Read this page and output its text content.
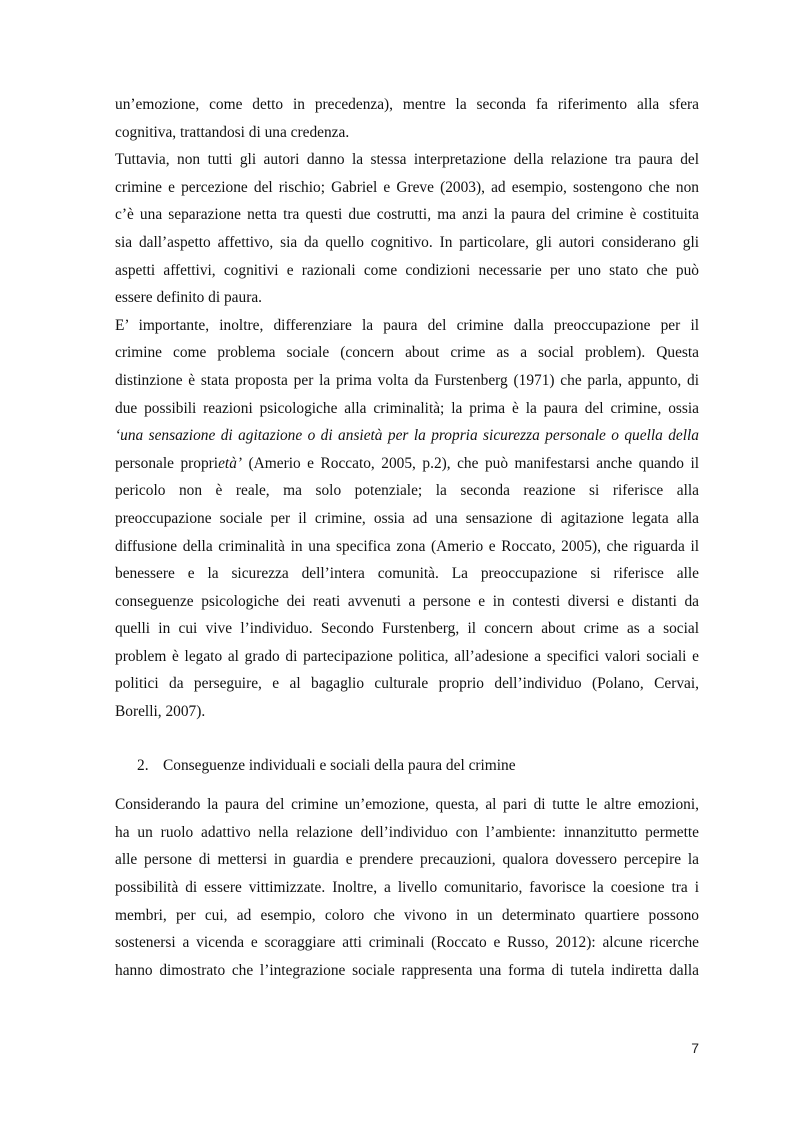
un’emozione, come detto in precedenza), mentre la seconda fa riferimento alla sfera
cognitiva, trattandosi di una credenza.

Tuttavia, non tutti gli autori danno la stessa interpretazione della relazione tra paura del
crimine e percezione del rischio; Gabriel e Greve (2003), ad esempio, sostengono che non
c’è una separazione netta tra questi due costrutti, ma anzi la paura del crimine è costituita
sia dall’aspetto affettivo, sia da quello cognitivo. In particolare, gli autori considerano gli
aspetti affettivi, cognitivi e razionali come condizioni necessarie per uno stato che può
essere definito di paura.

E’ importante, inoltre, differenziare la paura del crimine dalla preoccupazione per il
crimine come problema sociale (concern about crime as a social problem). Questa
distinzione è stata proposta per la prima volta da Furstenberg (1971) che parla, appunto, di
due possibili reazioni psicologiche alla criminalità; la prima è la paura del crimine, ossia
‘una sensazione di agitazione o di ansietà per la propria sicurezza personale o quella della
personale proprietà’ (Amerio e Roccato, 2005, p.2), che può manifestarsi anche quando il
pericolo non è reale, ma solo potenziale; la seconda reazione si riferisce alla
preoccupazione sociale per il crimine, ossia ad una sensazione di agitazione legata alla
diffusione della criminalità in una specifica zona (Amerio e Roccato, 2005), che riguarda il
benessere e la sicurezza dell’intera comunità. La preoccupazione si riferisce alle
conseguenze psicologiche dei reati avvenuti a persone e in contesti diversi e distanti da
quelli in cui vive l’individuo. Secondo Furstenberg, il concern about crime as a social
problem è legato al grado di partecipazione politica, all’adesione a specifici valori sociali e
politici da perseguire, e al bagaglio culturale proprio dell’individuo (Polano, Cervai,
Borelli, 2007).

2. Conseguenze individuali e sociali della paura del crimine

Considerando la paura del crimine un’emozione, questa, al pari di tutte le altre emozioni,
ha un ruolo adattivo nella relazione dell’individuo con l’ambiente: innanzitutto permette
alle persone di mettersi in guardia e prendere precauzioni, qualora dovessero percepire la
possibilità di essere vittimizzate. Inoltre, a livello comunitario, favorisce la coesione tra i
membri, per cui, ad esempio, coloro che vivono in un determinato quartiere possono
sostenersi a vicenda e scoraggiare atti criminali (Roccato e Russo, 2012): alcune ricerche
hanno dimostrato che l’integrazione sociale rappresenta una forma di tutela indiretta dalla

7
